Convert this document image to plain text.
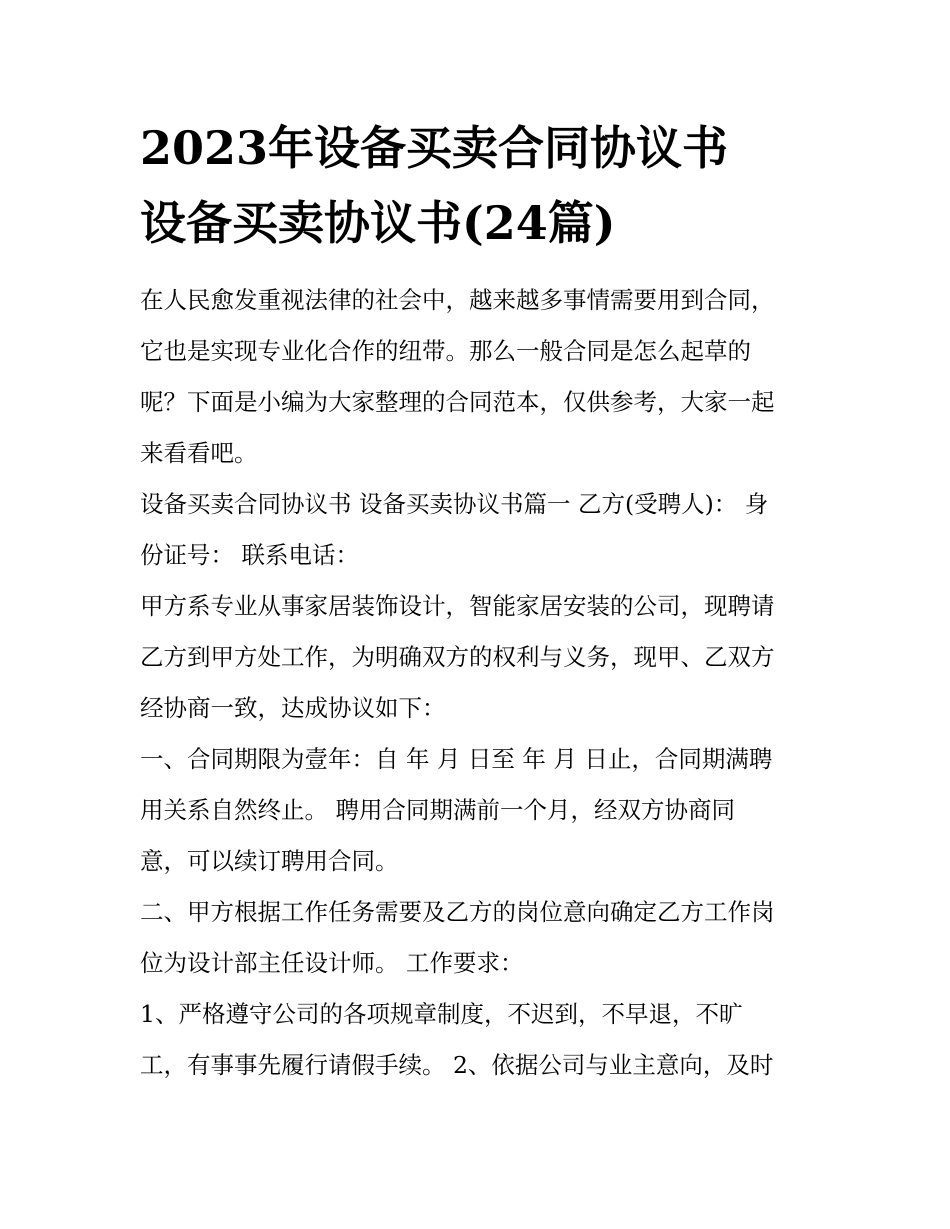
2023年设备买卖合同协议书
设备买卖协议书(24篇)

在人民愈发重视法律的社会中，越来越多事情需要用到合同，

它也是实现专业化合作的纽带。那么一般合同是怎么起草的

呢？下面是小编为大家整理的合同范本，仅供参考，大家一起

来看看吧。

设备买卖合同协议书 设备买卖协议书篇一 乙方(受聘人)： 身

份证号： 联系电话：

甲方系专业从事家居装饰设计，智能家居安装的公司，现聘请

乙方到甲方处工作，为明确双方的权利与义务，现甲、乙双方

经协商一致，达成协议如下：

一、合同期限为壹年：自 年 月 日至 年 月 日止，合同期满聘

用关系自然终止。 聘用合同期满前一个月，经双方协商同

意，可以续订聘用合同。

二、甲方根据工作任务需要及乙方的岗位意向确定乙方工作岗

位为设计部主任设计师。 工作要求：

1、严格遵守公司的各项规章制度，不迟到，不早退，不旷

工，有事事先履行请假手续。 2、依据公司与业主意向，及时
